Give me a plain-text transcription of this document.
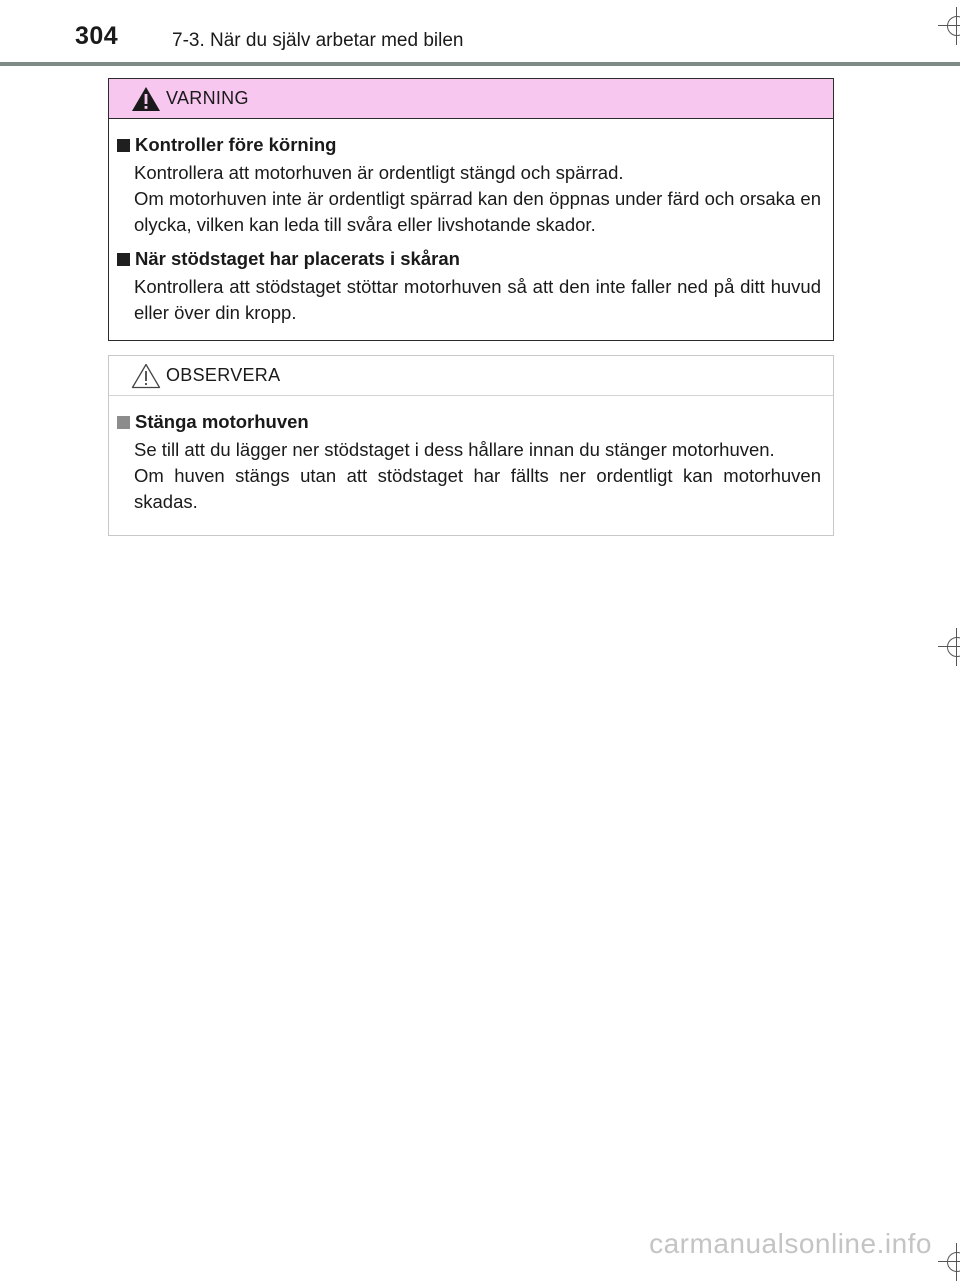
304	7-3. När du själv arbetar med bilen
VARNING
Kontroller före körning

Kontrollera att motorhuven är ordentligt stängd och spärrad.

Om motorhuven inte är ordentligt spärrad kan den öppnas under färd och orsaka en olycka, vilken kan leda till svåra eller livshotande skador.

När stödstaget har placerats i skåran

Kontrollera att stödstaget stöttar motorhuven så att den inte faller ned på ditt huvud eller över din kropp.

OBSERVERA
Stänga motorhuven

Se till att du lägger ner stödstaget i dess hållare innan du stänger motorhuven.

Om huven stängs utan att stödstaget har fällts ner ordentligt kan motorhuven skadas.

carmanualsonline.info
